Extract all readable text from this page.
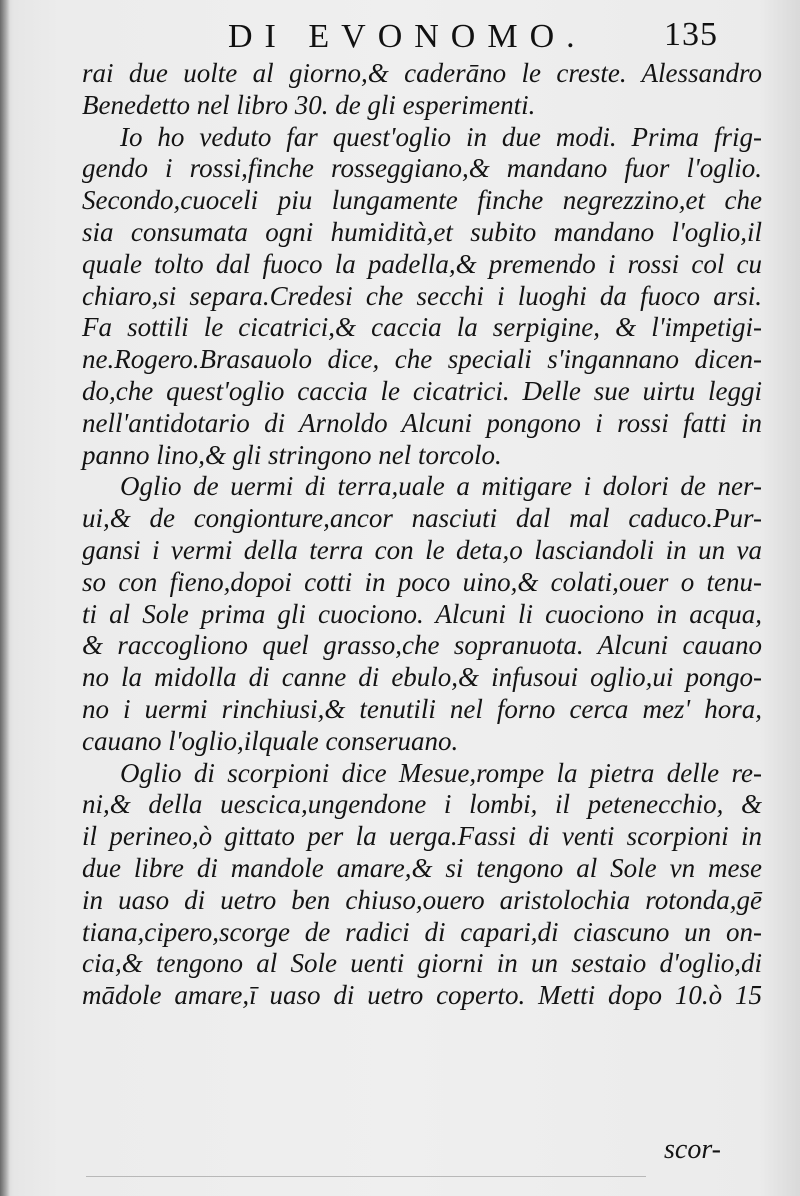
DI EVONOMO. 135
rai due uolte al giorno,& caderāno le creste. Alessandro
Benedetto nel libro 30. de gli esperimenti.
Io ho veduto far quest'oglio in due modi. Prima frig-
gendo i rossi,finche rosseggiano,& mandano fuor l'oglio.
Secondo,cuoceli piu lungamente finche negrezzino,et che
sia consumata ogni humidità,et subito mandano l'oglio,il
quale tolto dal fuoco la padella,& premendo i rossi col cu
chiaro,si separa.Credesi che secchi i luoghi da fuoco arsi.
Fa sottili le cicatrici,& caccia la serpigine, & l'impetigi-
ne.Rogero.Brasauolo dice, che speciali s'ingannano dicen-
do,che quest'oglio caccia le cicatrici. Delle sue uirtu leggi
nell'antidotario di Arnoldo Alcuni pongono i rossi fatti in
panno lino,& gli stringono nel torcolo.
Oglio de uermi di terra,uale a mitigare i dolori de ner-
ui,& de congionture,ancor nasciuti dal mal caduco.Pur-
gansi i vermi della terra con le deta,o lasciandoli in un va
so con fieno,dopoi cotti in poco uino,& colati,ouer o tenu-
ti al Sole prima gli cuociono. Alcuni li cuociono in acqua,
& raccogliono quel grasso,che sopranuota. Alcuni cauano
no la midolla di canne di ebulo,& infusoui oglio,ui pongo-
no i uermi rinchiusi,& tenutili nel forno cerca mez' hora,
cauano l'oglio,ilquale conseruano.
Oglio di scorpioni dice Mesue,rompe la pietra delle re-
ni,& della uescica,ungendone i lombi, il petenecchio, &
il perineo,ò gittato per la uerga.Fassi di venti scorpioni in
due libre di mandole amare,& si tengono al Sole vn mese
in uaso di uetro ben chiuso,ouero aristolochia rotonda,gē
tiana,cipero,scorge de radici di capari,di ciascuno un on-
cia,& tengono al Sole uenti giorni in un sestaio d'oglio,di
mādole amare,ī uaso di uetro coperto. Metti dopo 10.ò 15
scor-
